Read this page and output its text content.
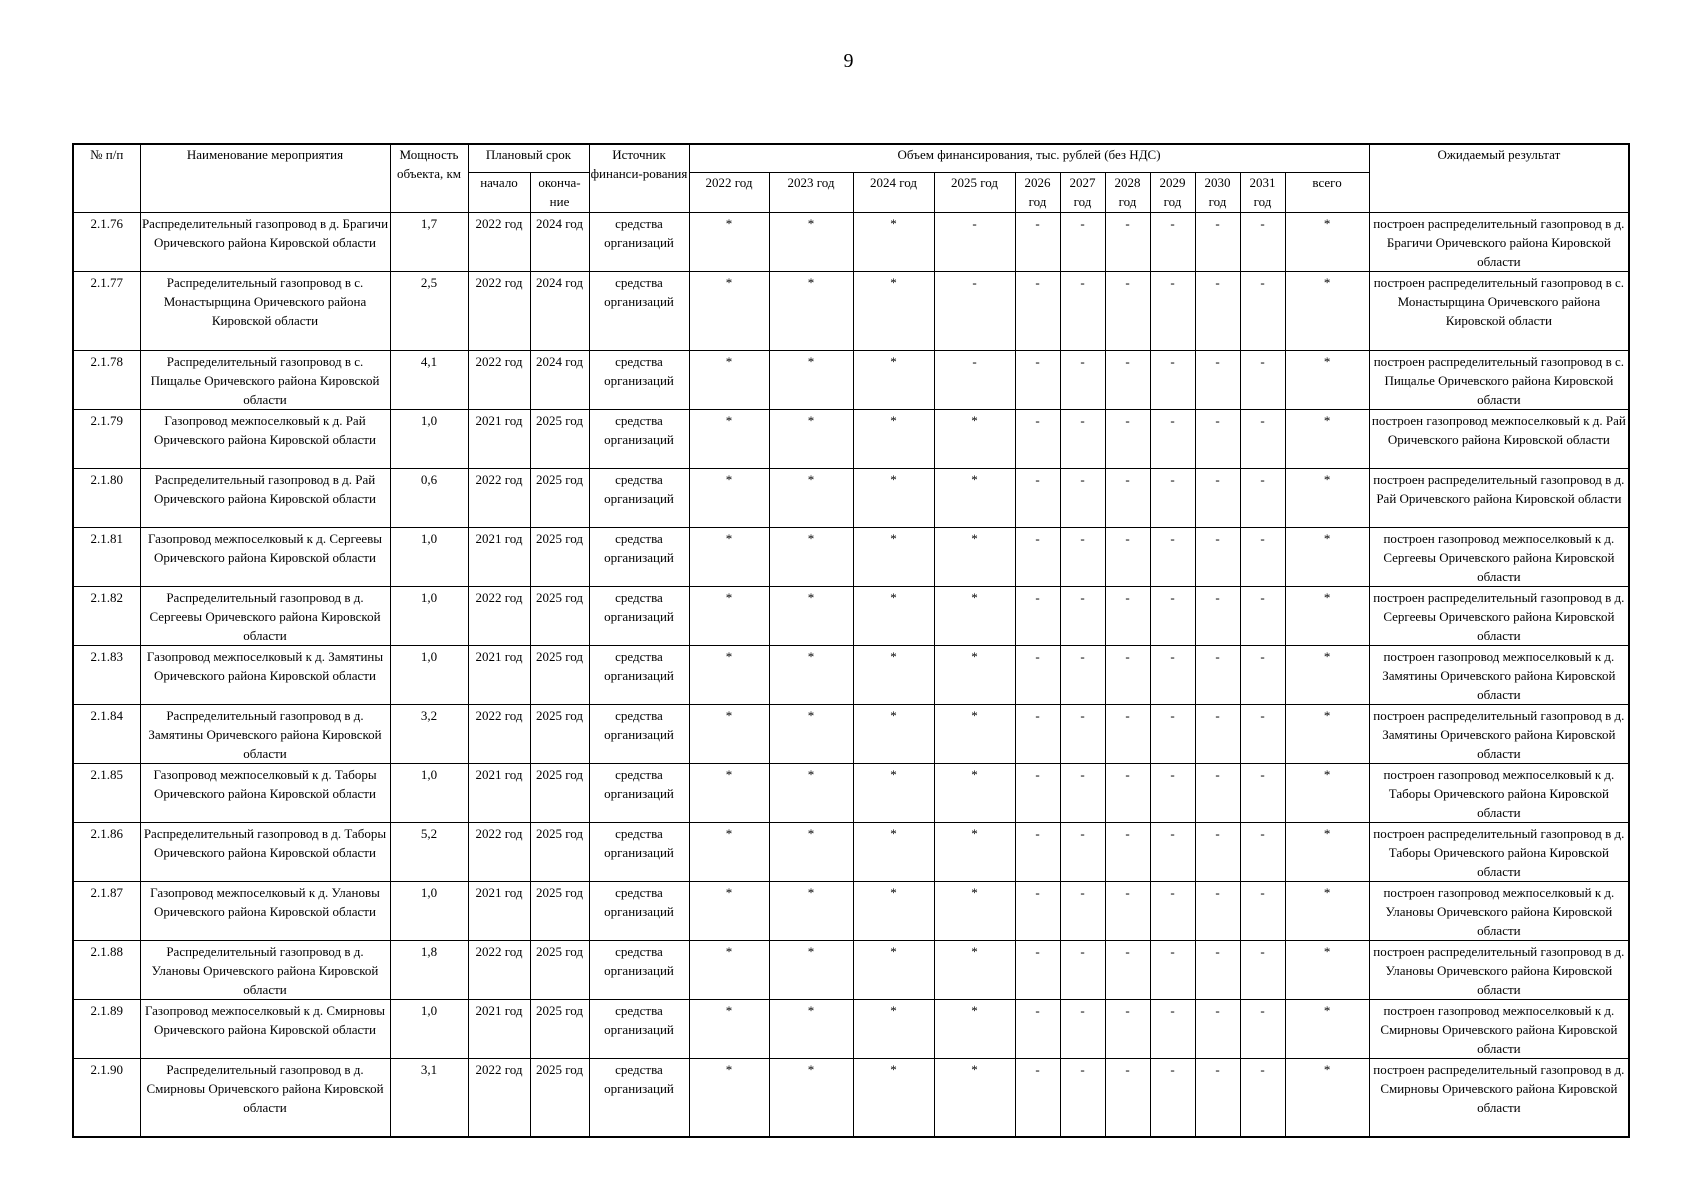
9
№ п/п	Наименование мероприятия	Мощность объекта, км	Плановый срок		Источник финанси-рования	Объем финансирования, тыс. рублей (без НДС)											Ожидаемый результат
			начало	оконча-ние		2022 год	2023 год	2024 год	2025 год	2026 год	2027 год	2028 год	2029 год	2030 год	2031 год	всего	
2.1.76	Распределительный газопровод в д. Брагичи Оричевского района Кировской области	1,7	2022 год	2024 год	средства организаций	*	*	*	-	-	-	-	-	-	-	*	построен распределительный газопровод в д. Брагичи Оричевского района Кировской области
2.1.77	Распределительный газопровод в с. Монастырщина Оричевского района Кировской области	2,5	2022 год	2024 год	средства организаций	*	*	*	-	-	-	-	-	-	-	*	построен распределительный газопровод в с. Монастырщина Оричевского района Кировской области
2.1.78	Распределительный газопровод в с. Пищалье Оричевского района Кировской области	4,1	2022 год	2024 год	средства организаций	*	*	*	-	-	-	-	-	-	-	*	построен распределительный газопровод в с. Пищалье Оричевского района Кировской области
2.1.79	Газопровод межпоселковый к д. Рай Оричевского района Кировской области	1,0	2021 год	2025 год	средства организаций	*	*	*	*	-	-	-	-	-	-	*	построен газопровод межпоселковый к д. Рай Оричевского района Кировской области
2.1.80	Распределительный газопровод в д. Рай Оричевского района Кировской области	0,6	2022 год	2025 год	средства организаций	*	*	*	*	-	-	-	-	-	-	*	построен распределительный газопровод в д. Рай Оричевского района Кировской области
2.1.81	Газопровод межпоселковый к д. Сергеевы Оричевского района Кировской области	1,0	2021 год	2025 год	средства организаций	*	*	*	*	-	-	-	-	-	-	*	построен газопровод межпоселковый к д. Сергеевы Оричевского района Кировской области
2.1.82	Распределительный газопровод в д. Сергеевы Оричевского района Кировской области	1,0	2022 год	2025 год	средства организаций	*	*	*	*	-	-	-	-	-	-	*	построен распределительный газопровод в д. Сергеевы Оричевского района Кировской области
2.1.83	Газопровод межпоселковый к д. Замятины Оричевского района Кировской области	1,0	2021 год	2025 год	средства организаций	*	*	*	*	-	-	-	-	-	-	*	построен газопровод межпоселковый к д. Замятины Оричевского района Кировской области
2.1.84	Распределительный газопровод в д. Замятины Оричевского района Кировской области	3,2	2022 год	2025 год	средства организаций	*	*	*	*	-	-	-	-	-	-	*	построен распределительный газопровод в д. Замятины Оричевского района Кировской области
2.1.85	Газопровод межпоселковый к д. Таборы Оричевского района Кировской области	1,0	2021 год	2025 год	средства организаций	*	*	*	*	-	-	-	-	-	-	*	построен газопровод межпоселковый к д. Таборы Оричевского района Кировской области
2.1.86	Распределительный газопровод в д. Таборы Оричевского района Кировской области	5,2	2022 год	2025 год	средства организаций	*	*	*	*	-	-	-	-	-	-	*	построен распределительный газопровод в д. Таборы Оричевского района Кировской области
2.1.87	Газопровод межпоселковый к д. Улановы Оричевского района Кировской области	1,0	2021 год	2025 год	средства организаций	*	*	*	*	-	-	-	-	-	-	*	построен газопровод межпоселковый к д. Улановы Оричевского района Кировской области
2.1.88	Распределительный газопровод в д. Улановы Оричевского района Кировской области	1,8	2022 год	2025 год	средства организаций	*	*	*	*	-	-	-	-	-	-	*	построен распределительный газопровод в д. Улановы Оричевского района Кировской области
2.1.89	Газопровод межпоселковый к д. Смирновы Оричевского района Кировской области	1,0	2021 год	2025 год	средства организаций	*	*	*	*	-	-	-	-	-	-	*	построен газопровод межпоселковый к д. Смирновы Оричевского района Кировской области
2.1.90	Распределительный газопровод в д. Смирновы Оричевского района Кировской области	3,1	2022 год	2025 год	средства организаций	*	*	*	*	-	-	-	-	-	-	*	построен распределительный газопровод в д. Смирновы Оричевского района Кировской области
